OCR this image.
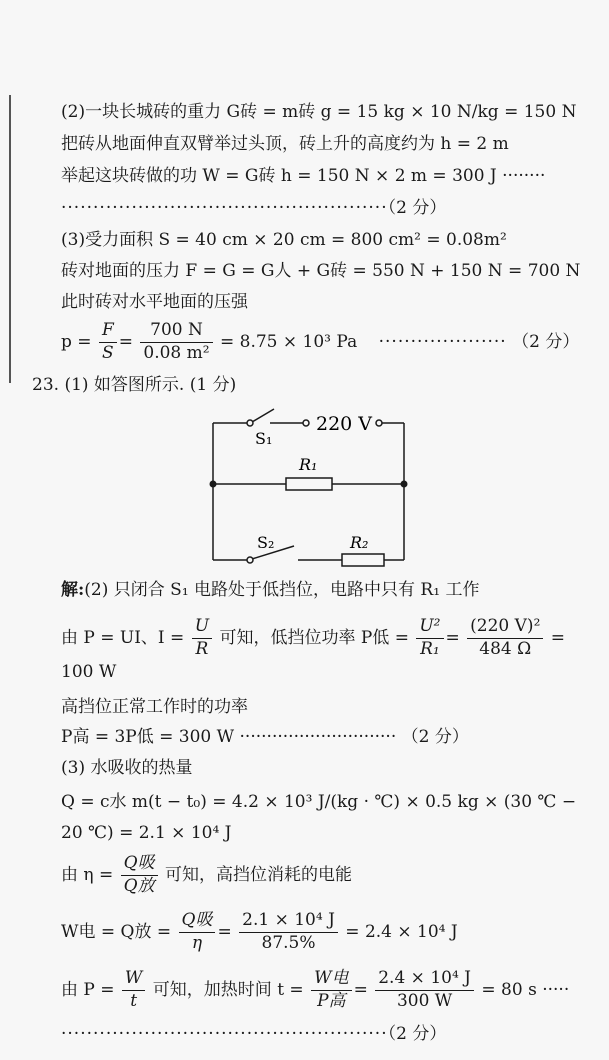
(2)一块长城砖的重力 G砖 = m砖 g = 15 kg × 10 N/kg = 150 N
把砖从地面伸直双臂举过头顶，砖上升的高度约为 h = 2 m
举起这块砖做的功 W = G砖 h = 150 N × 2 m = 300 J ········
···················································（2 分）
(3)受力面积 S = 40 cm × 20 cm = 800 cm² = 0.08m²
砖对地面的压力 F = G = G人 + G砖 = 550 N + 150 N = 700 N
此时砖对水平地面的压强
$p = \frac{F}{S} = \frac{700 N}{\text{0.08 m²}} = 8.75 \times 10^3$ Pa ···················· （2 分）
23. (1) 如答图所示. (1 分)
S₁
220 V
R₁
S₂	R₂
解:(2) 只闭合 S₁ 电路处于低挡位，电路中只有 R₁ 工作
由 P = UI、$I = \frac{U}{R}$ 可知，低挡位功率 P低 = $\frac{\text{U²}}{\text{R₁}} = \frac{\text{(220 V)²}}{484 \Omega}$ =
100 W
高挡位正常工作时的功率
P高 = 3P低 = 300 W ····························· （2 分）
(3) 水吸收的热量
Q = c水 m(t − t₀) = 4.2 × 10³ J/(kg · ℃) × 0.5 kg × (30 ℃ −
20 ℃) = 2.1 × 10⁴ J
由 $\eta = \frac{\text{Q吸}}{\text{Q放}}$ 可知，高挡位消耗的电能
W电 = Q放 = $\frac{\text{Q吸}}{\eta} = \frac{\text{2.1 × 10⁴ J}}{87.5\%} = 2.4 \times 10^4$ J
由 $P = \frac{W}{t}$ 可知，加热时间 $t = \frac{\text{W电}}{\text{P高}} = \frac{\text{2.4 × 10⁴ J}}{300 W} = 80$ s ·····
···················································（2 分）
